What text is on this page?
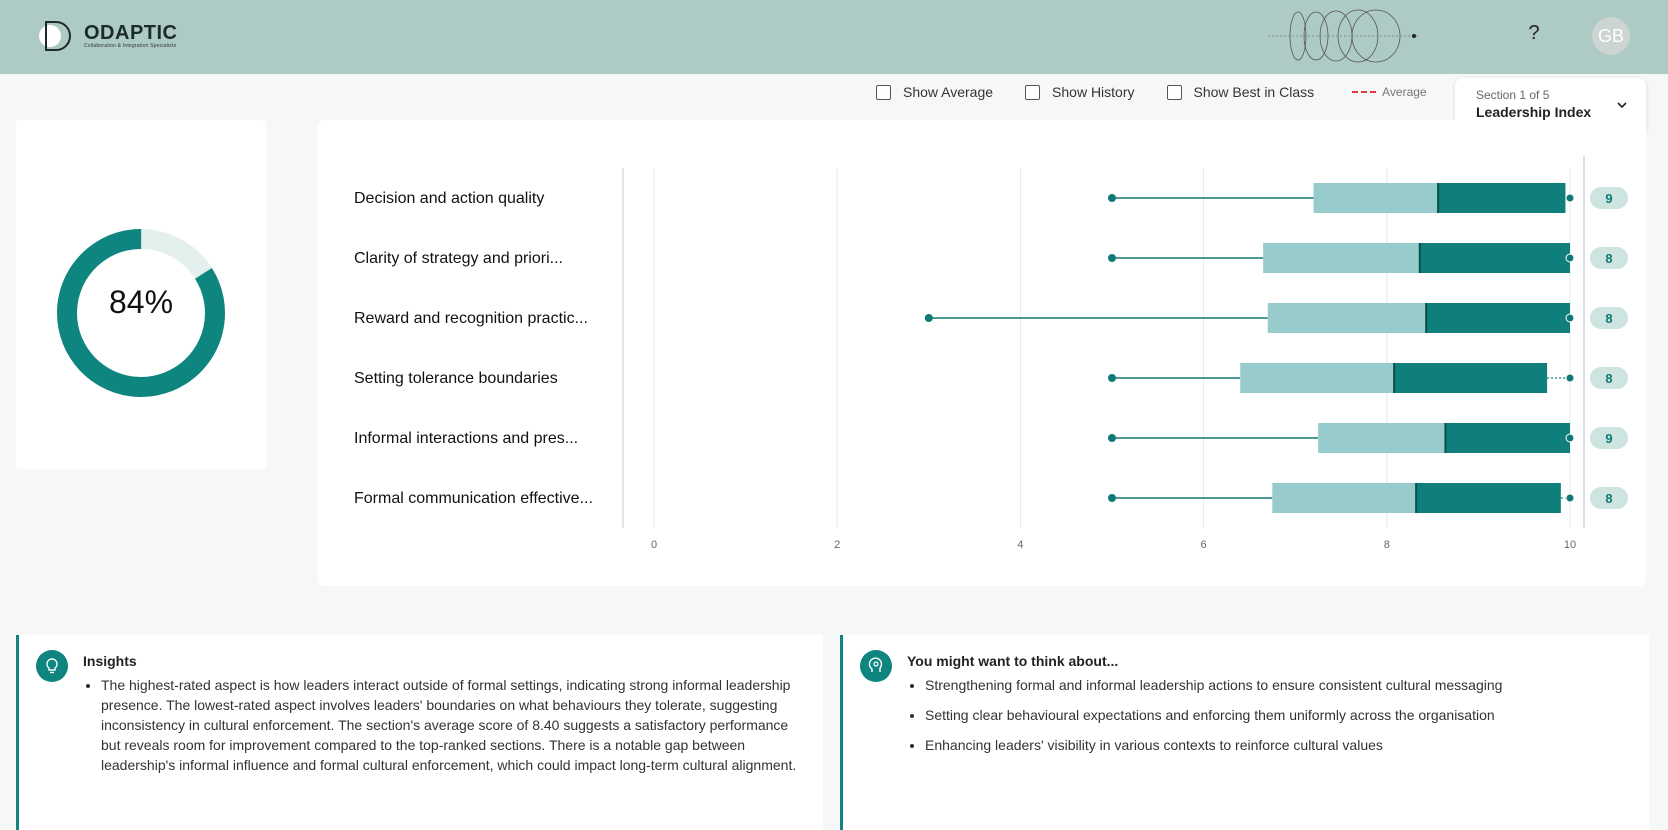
ODAPTIC
Collaboration & Integration Specialists
?	GB
Show Average	Show History	Show Best in Class	Average	Section 1 of 5
Leadership Index
84%
0	2	4	6	8	10
Decision and action quality	9
Clarity of strategy and priori...	8
Reward and recognition practic...	8
Setting tolerance boundaries	8
Informal interactions and pres...	9
Formal communication effective...	8
Insights
• The highest-rated aspect is how leaders interact outside of formal settings, indicating strong informal leadership presence. The lowest-rated aspect involves leaders' boundaries on what behaviours they tolerate, suggesting inconsistency in cultural enforcement. The section's average score of 8.40 suggests a satisfactory performance but reveals room for improvement compared to the top-ranked sections. There is a notable gap between leadership's informal influence and formal cultural enforcement, which could impact long-term cultural alignment.
You might want to think about...
• Strengthening formal and informal leadership actions to ensure consistent cultural messaging
• Setting clear behavioural expectations and enforcing them uniformly across the organisation
• Enhancing leaders' visibility in various contexts to reinforce cultural values
